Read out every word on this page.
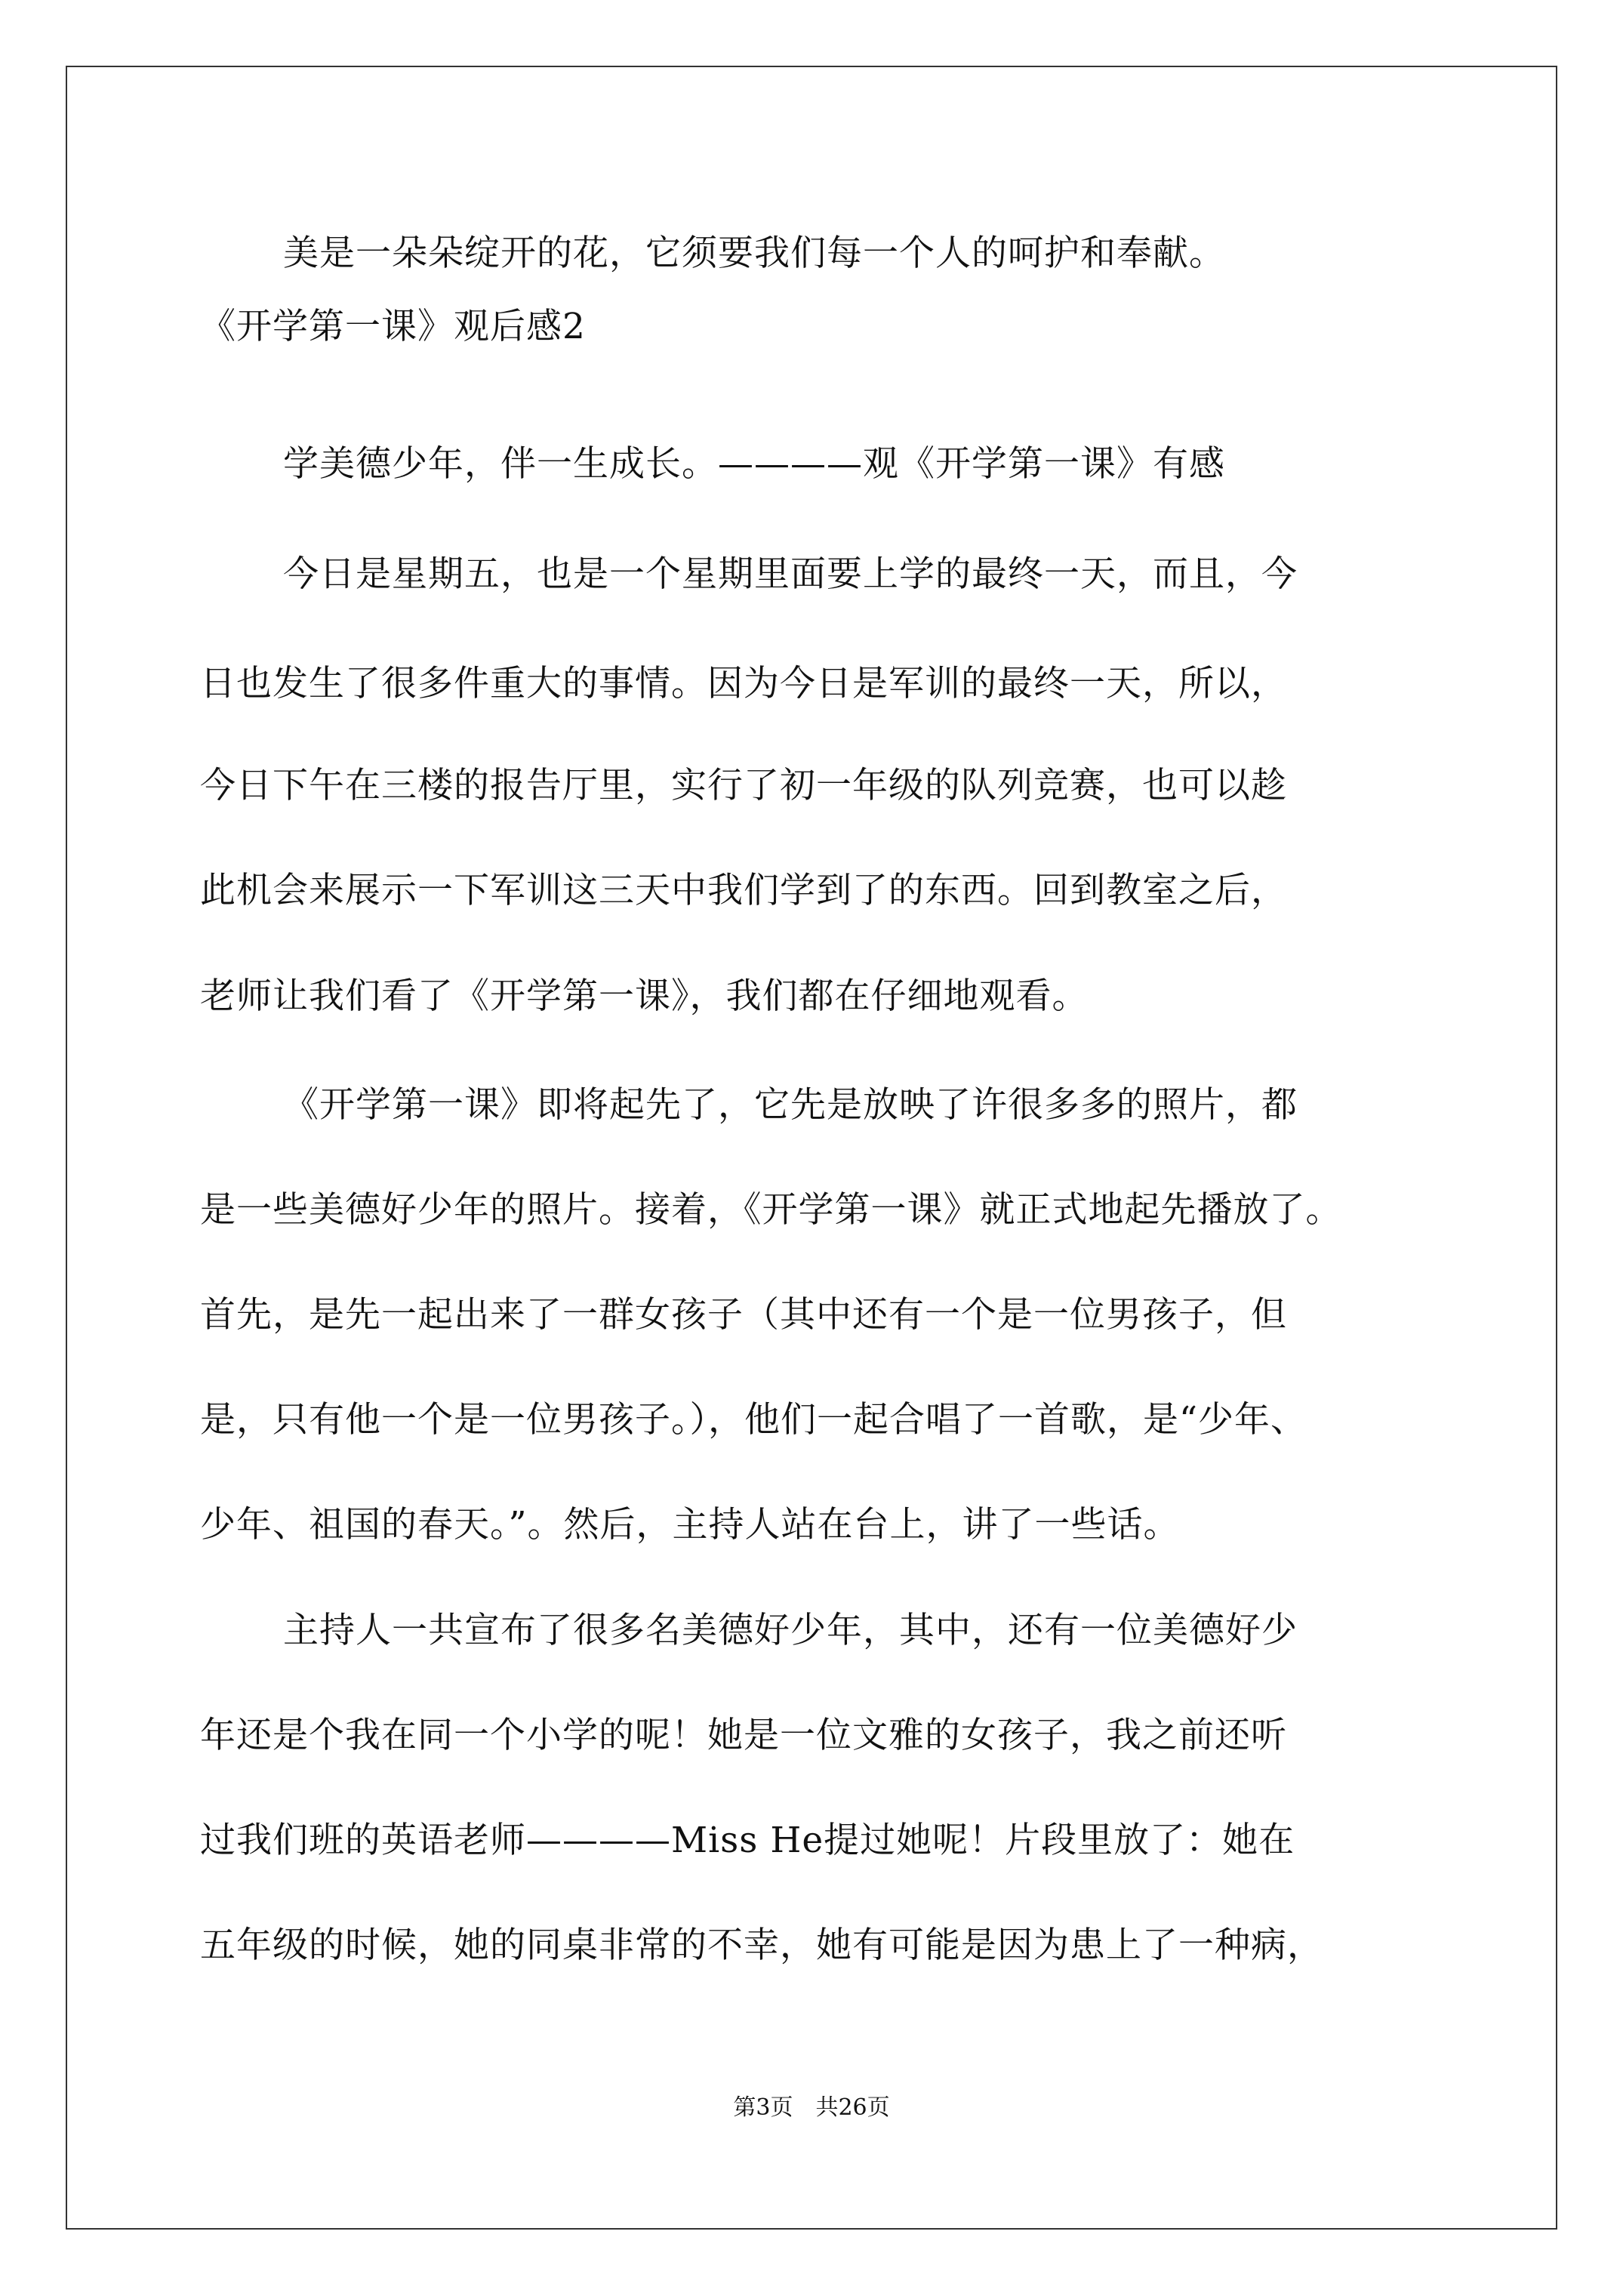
美是一朵朵绽开的花，它须要我们每一个人的呵护和奉献。
《开学第一课》观后感2
学美德少年，伴一生成长。————观《开学第一课》有感
今日是星期五，也是一个星期里面要上学的最终一天，而且，今
日也发生了很多件重大的事情。因为今日是军训的最终一天，所以，
今日下午在三楼的报告厅里，实行了初一年级的队列竞赛，也可以趁
此机会来展示一下军训这三天中我们学到了的东西。回到教室之后，
老师让我们看了《开学第一课》，我们都在仔细地观看。
《开学第一课》即将起先了，它先是放映了许很多多的照片，都
是一些美德好少年的照片。接着，《开学第一课》就正式地起先播放了。
首先，是先一起出来了一群女孩子（其中还有一个是一位男孩子，但
是，只有他一个是一位男孩子。），他们一起合唱了一首歌，是“少年、
少年、祖国的春天。”。然后，主持人站在台上，讲了一些话。
主持人一共宣布了很多名美德好少年，其中，还有一位美德好少
年还是个我在同一个小学的呢！她是一位文雅的女孩子，我之前还听
过我们班的英语老师————Miss He提过她呢！片段里放了：她在
五年级的时候，她的同桌非常的不幸，她有可能是因为患上了一种病，
第3页　共26页
